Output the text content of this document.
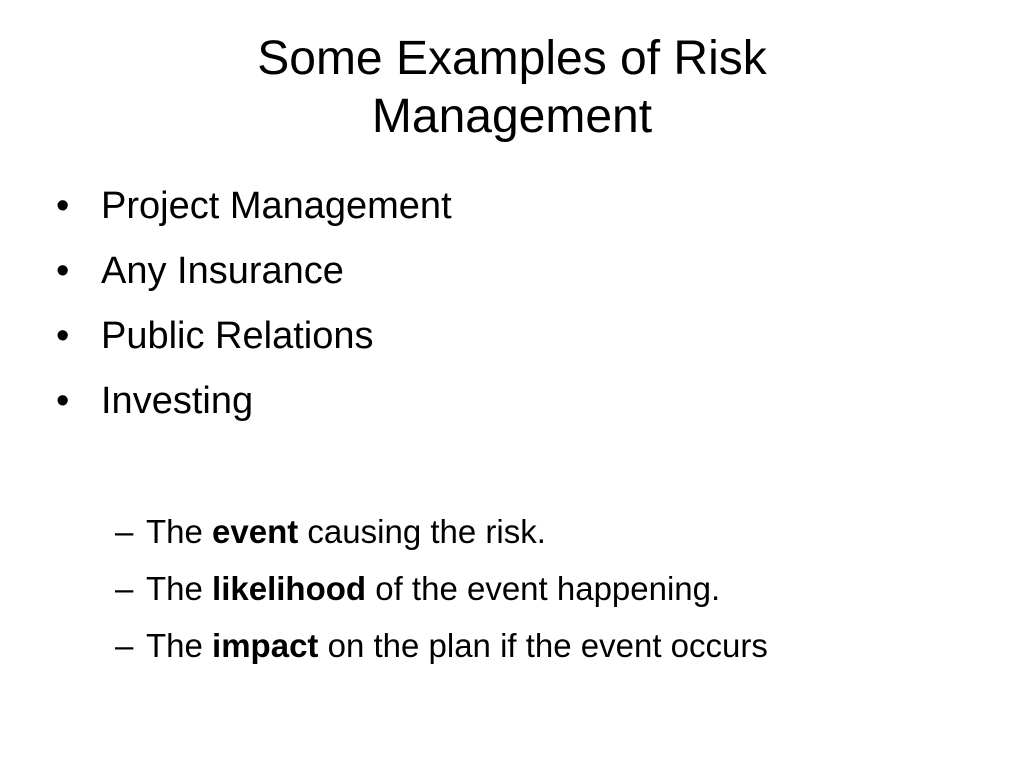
Some Examples of Risk
Management
• Project Management
• Any Insurance
• Public Relations
• Investing
– The event causing the risk.
– The likelihood of the event happening.
– The impact on the plan if the event occurs
